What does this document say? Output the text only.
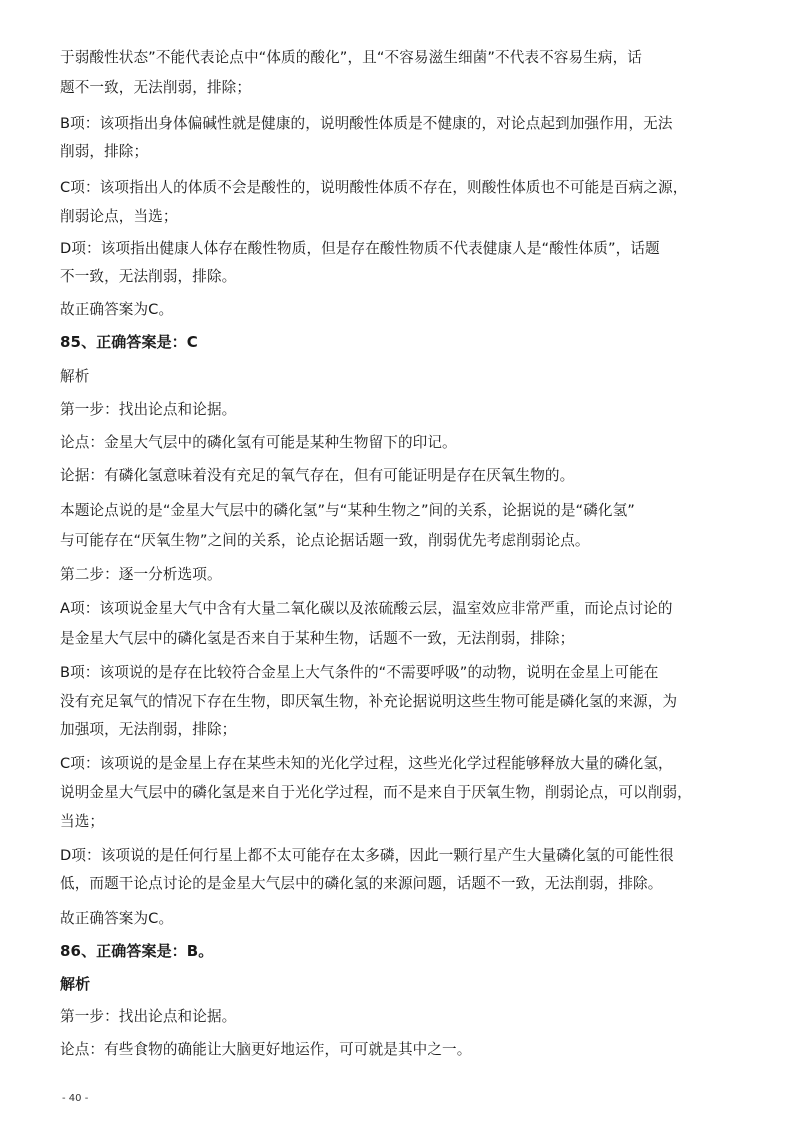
于弱酸性状态”不能代表论点中“体质的酸化”，且“不容易滋生细菌”不代表不容易生病，话
题不一致，无法削弱，排除；
B项：该项指出身体偏碱性就是健康的，说明酸性体质是不健康的，对论点起到加强作用，无法
削弱，排除；
C项：该项指出人的体质不会是酸性的，说明酸性体质不存在，则酸性体质也不可能是百病之源，
削弱论点，当选；
D项：该项指出健康人体存在酸性物质，但是存在酸性物质不代表健康人是“酸性体质”，话题
不一致，无法削弱，排除。
故正确答案为C。
85、正确答案是：C
解析
第一步：找出论点和论据。
论点：金星大气层中的磷化氢有可能是某种生物留下的印记。
论据：有磷化氢意味着没有充足的氧气存在，但有可能证明是存在厌氧生物的。
本题论点说的是“金星大气层中的磷化氢”与“某种生物之”间的关系，论据说的是“磷化氢”
与可能存在“厌氧生物”之间的关系，论点论据话题一致，削弱优先考虑削弱论点。
第二步：逐一分析选项。
A项：该项说金星大气中含有大量二氧化碳以及浓硫酸云层，温室效应非常严重，而论点讨论的
是金星大气层中的磷化氢是否来自于某种生物，话题不一致，无法削弱，排除；
B项：该项说的是存在比较符合金星上大气条件的“不需要呼吸”的动物，说明在金星上可能在
没有充足氧气的情况下存在生物，即厌氧生物，补充论据说明这些生物可能是磷化氢的来源，为
加强项，无法削弱，排除；
C项：该项说的是金星上存在某些未知的光化学过程，这些光化学过程能够释放大量的磷化氢，
说明金星大气层中的磷化氢是来自于光化学过程，而不是来自于厌氧生物，削弱论点，可以削弱，
当选；
D项：该项说的是任何行星上都不太可能存在太多磷，因此一颗行星产生大量磷化氢的可能性很
低，而题干论点讨论的是金星大气层中的磷化氢的来源问题，话题不一致，无法削弱，排除。
故正确答案为C。
86、正确答案是：B。
解析
第一步：找出论点和论据。
论点：有些食物的确能让大脑更好地运作，可可就是其中之一。
- 40 -
